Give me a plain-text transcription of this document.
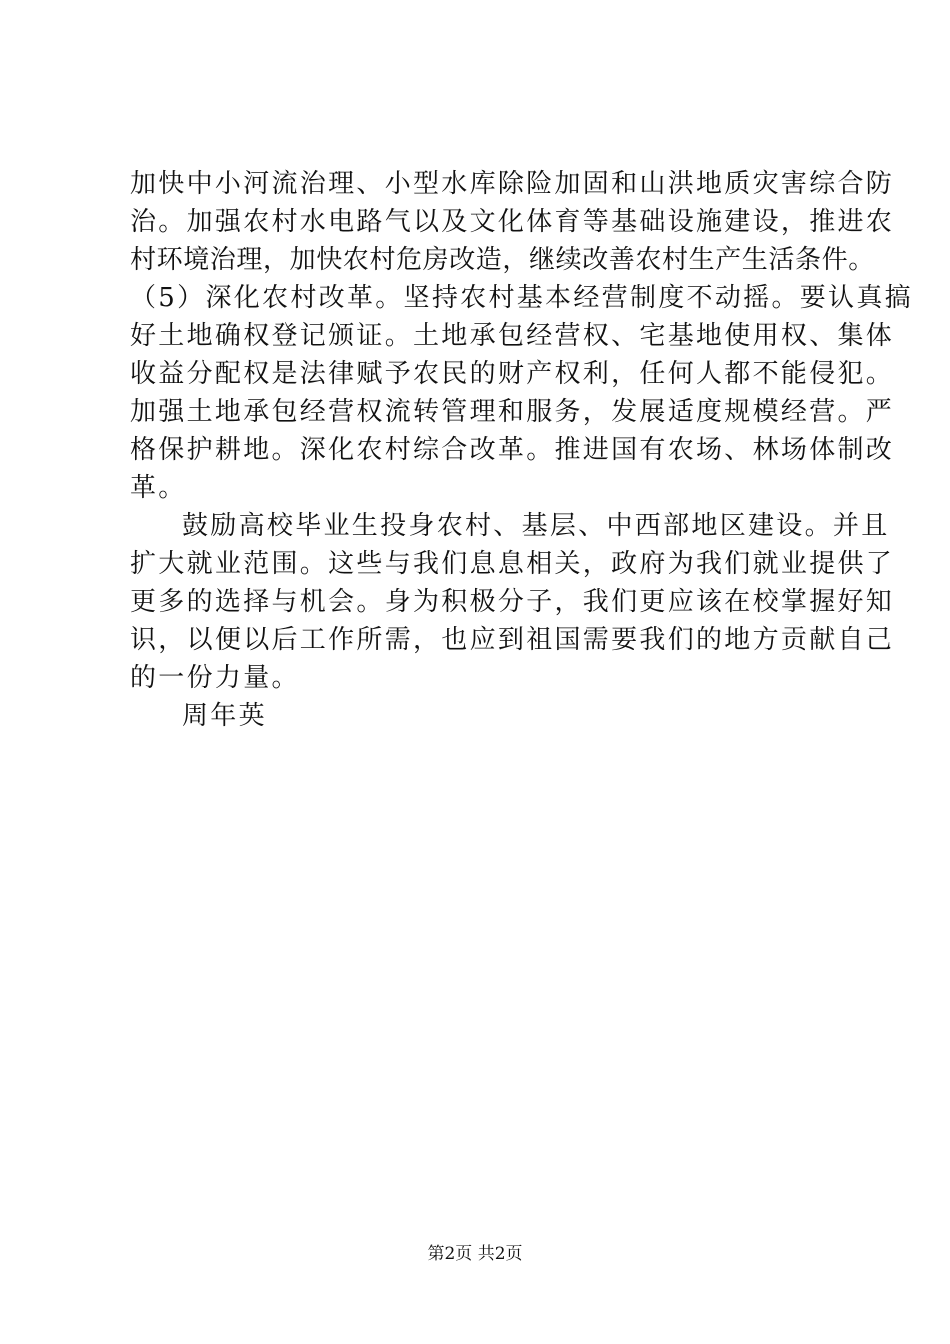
加快中小河流治理、小型水库除险加固和山洪地质灾害综合防
治。加强农村水电路气以及文化体育等基础设施建设，推进农
村环境治理，加快农村危房改造，继续改善农村生产生活条件。
（5）深化农村改革。坚持农村基本经营制度不动摇。要认真搞
好土地确权登记颁证。土地承包经营权、宅基地使用权、集体
收益分配权是法律赋予农民的财产权利，任何人都不能侵犯。
加强土地承包经营权流转管理和服务，发展适度规模经营。严
格保护耕地。深化农村综合改革。推进国有农场、林场体制改
革。
鼓励高校毕业生投身农村、基层、中西部地区建设。并且
扩大就业范围。这些与我们息息相关，政府为我们就业提供了
更多的选择与机会。身为积极分子，我们更应该在校掌握好知
识，以便以后工作所需，也应到祖国需要我们的地方贡献自己
的一份力量。
周年英
第2页 共2页
